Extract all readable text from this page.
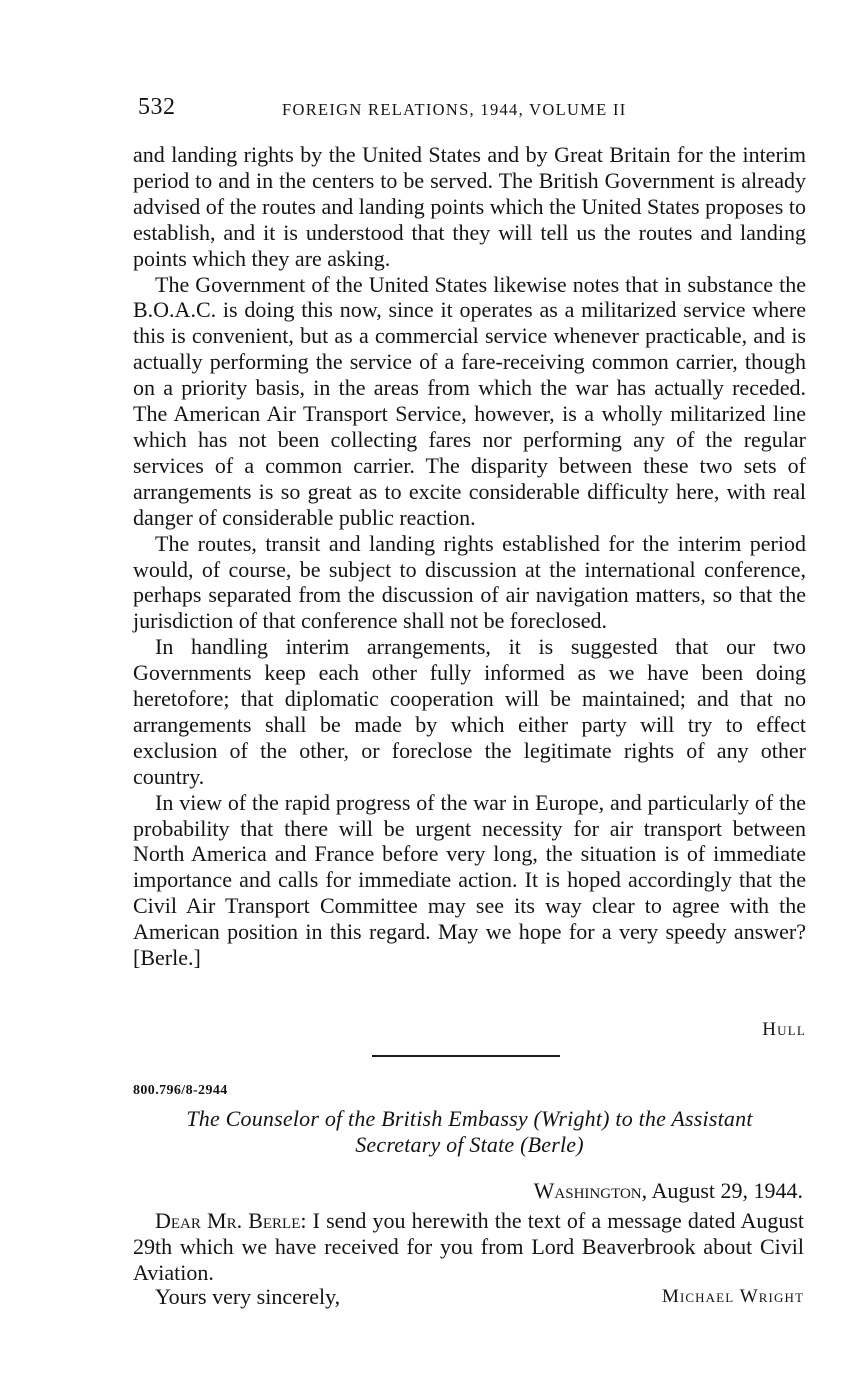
532	FOREIGN RELATIONS, 1944, VOLUME II

and landing rights by the United States and by Great Britain for the interim period to and in the centers to be served. The British Government is already advised of the routes and landing points which the United States proposes to establish, and it is understood that they will tell us the routes and landing points which they are asking.

The Government of the United States likewise notes that in substance the B.O.A.C. is doing this now, since it operates as a militarized service where this is convenient, but as a commercial service whenever practicable, and is actually performing the service of a fare-receiving common carrier, though on a priority basis, in the areas from which the war has actually receded. The American Air Transport Service, however, is a wholly militarized line which has not been collecting fares nor performing any of the regular services of a common carrier. The disparity between these two sets of arrangements is so great as to excite considerable difficulty here, with real danger of considerable public reaction.

The routes, transit and landing rights established for the interim period would, of course, be subject to discussion at the international conference, perhaps separated from the discussion of air navigation matters, so that the jurisdiction of that conference shall not be foreclosed.

In handling interim arrangements, it is suggested that our two Governments keep each other fully informed as we have been doing heretofore; that diplomatic cooperation will be maintained; and that no arrangements shall be made by which either party will try to effect exclusion of the other, or foreclose the legitimate rights of any other country.

In view of the rapid progress of the war in Europe, and particularly of the probability that there will be urgent necessity for air transport between North America and France before very long, the situation is of immediate importance and calls for immediate action. It is hoped accordingly that the Civil Air Transport Committee may see its way clear to agree with the American position in this regard. May we hope for a very speedy answer? [Berle.]

Hull
800.796/8-2944
The Counselor of the British Embassy (Wright) to the Assistant
Secretary of State (Berle)
Washington, August 29, 1944.

Dear Mr. Berle: I send you herewith the text of a message dated August 29th which we have received for you from Lord Beaverbrook about Civil Aviation.

Yours very sincerely,	Michael Wright
